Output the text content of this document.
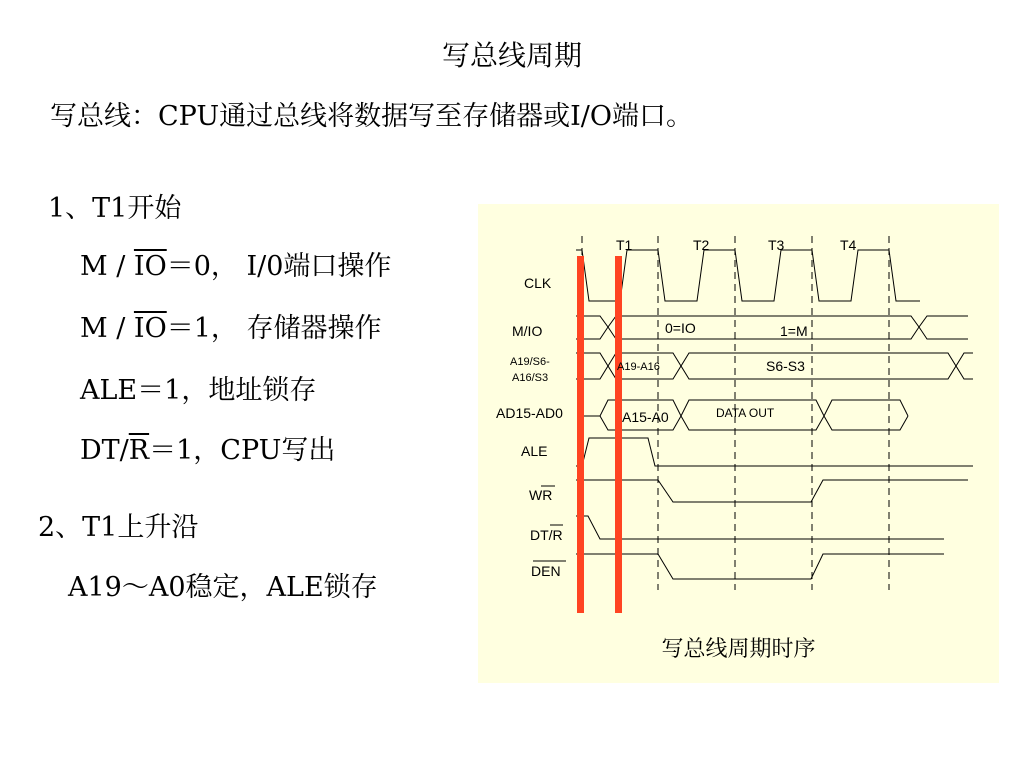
写总线周期
写总线：CPU通过总线将数据写至存储器或I/O端口。
1、T1开始
$M / \overline{IO}=0$， I/0端口操作
$M / \overline{IO}=1$， 存储器操作
ALE＝1，地址锁存
$DT/\overline{R}=1$，CPU写出
2、T1上升沿
A19～A0稳定，ALE锁存
T1	T2	T3	T4
CLK
M/IO
A19/S6-
A16/S3
AD15-AD0
ALE
WR
DT/R
DEN
0=IO	1=M
A19-A16	S6-S3
A15-A0	DATA OUT
写总线周期时序
